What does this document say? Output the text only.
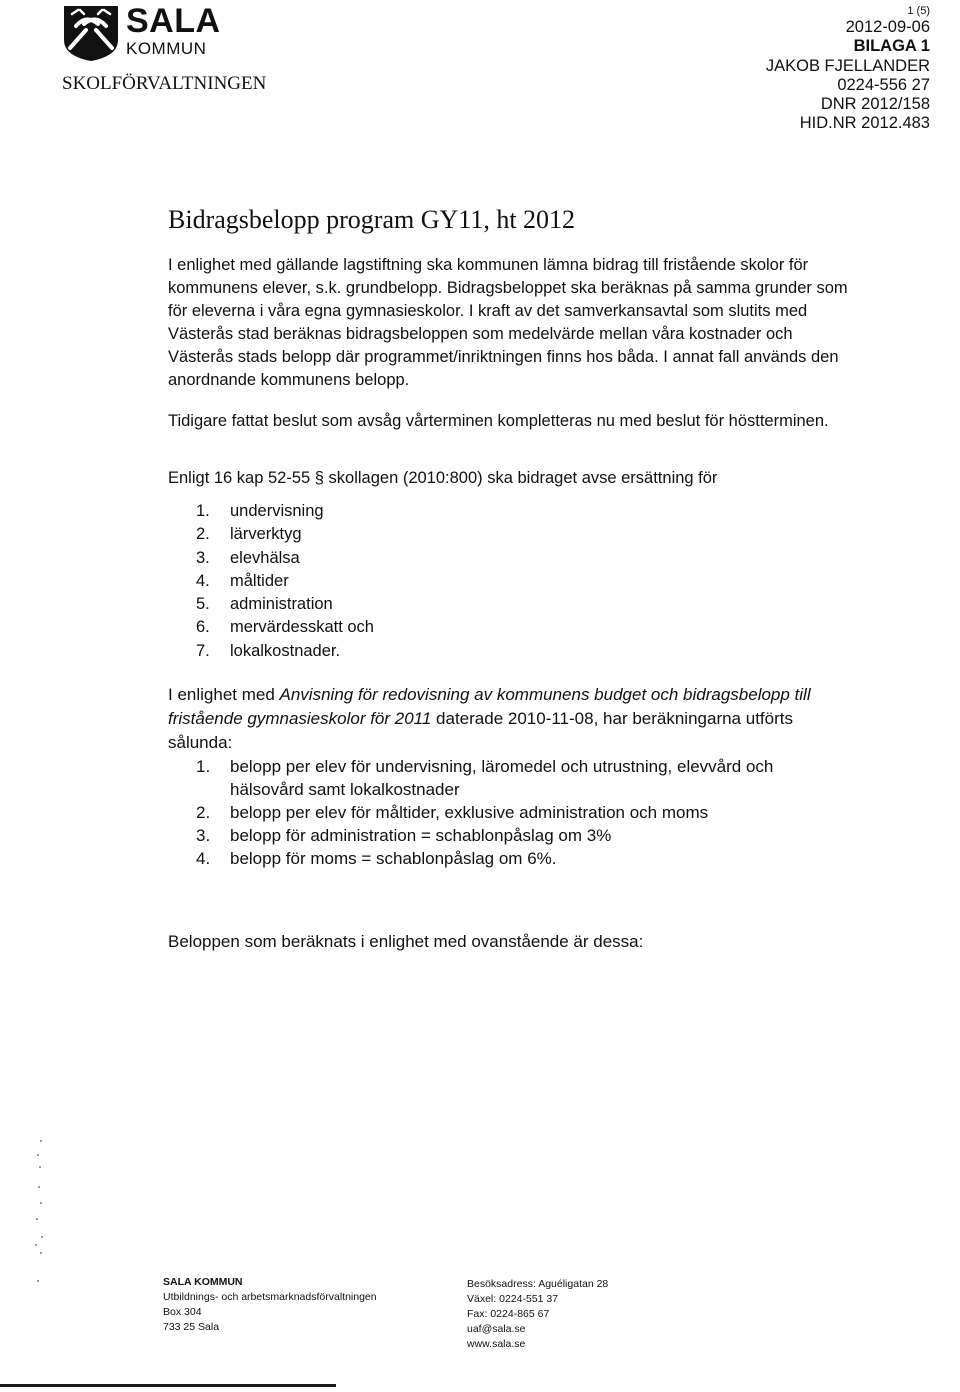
SALA
KOMMUN
SKOLFÖRVALTNINGEN
1 (5)
2012-09-06
BILAGA 1
JAKOB FJELLANDER
0224-556 27
DNR 2012/158
HID.NR 2012.483
Bidragsbelopp program GY11, ht 2012

I enlighet med gällande lagstiftning ska kommunen lämna bidrag till fristående skolor för kommunens elever, s.k. grundbelopp. Bidragsbeloppet ska beräknas på samma grunder som för eleverna i våra egna gymnasieskolor. I kraft av det samverkansavtal som slutits med Västerås stad beräknas bidragsbeloppen som medelvärde mellan våra kostnader och Västerås stads belopp där programmet/inriktningen finns hos båda. I annat fall används den anordnande kommunens belopp.

Tidigare fattat beslut som avsåg vårterminen kompletteras nu med beslut för höstterminen.

Enligt 16 kap 52-55 § skollagen (2010:800) ska bidraget avse ersättning för

1.	undervisning
2.	lärverktyg
3.	elevhälsa
4.	måltider
5.	administration
6.	mervärdesskatt och
7.	lokalkostnader.

I enlighet med Anvisning för redovisning av kommunens budget och bidragsbelopp till fristående gymnasieskolor för 2011 daterade 2010-11-08, har beräkningarna utförts sålunda:

1. belopp per elev för undervisning, läromedel och utrustning, elevvård och hälsovård samt lokalkostnader
2. belopp per elev för måltider, exklusive administration och moms
3. belopp för administration = schablonpåslag om 3%
4. belopp för moms = schablonpåslag om 6%.

Beloppen som beräknats i enlighet med ovanstående är dessa:

SALA KOMMUN
Utbildnings- och arbetsmarknadsförvaltningen
Box 304
733 25 Sala
Besöksadress: Aguéligatan 28
Växel: 0224-551 37
Fax: 0224-865 67
uaf@sala.se
www.sala.se
